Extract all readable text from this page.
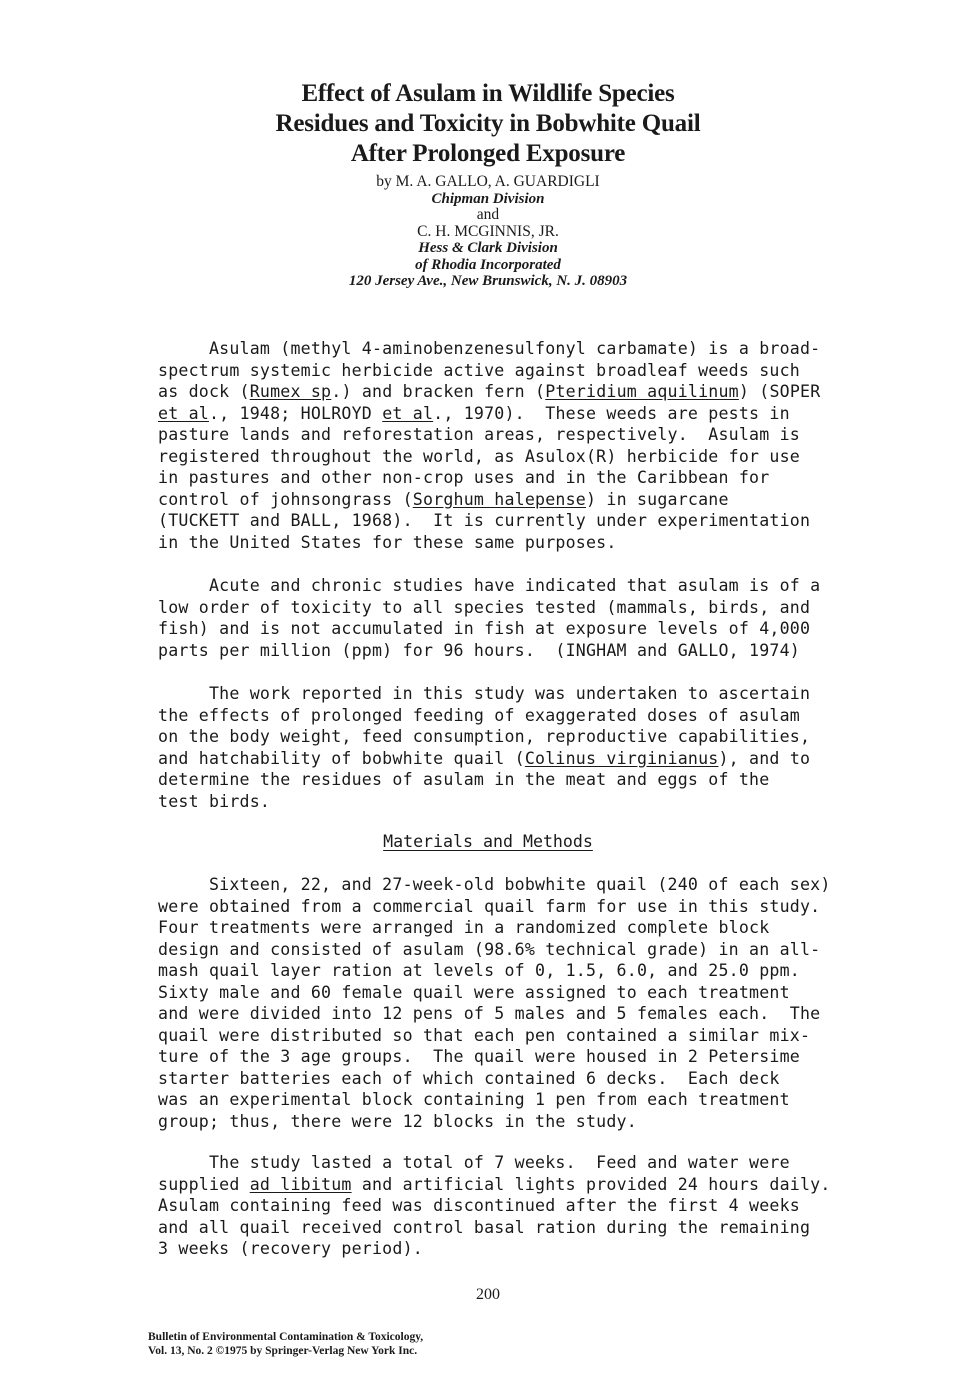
Effect of Asulam in Wildlife Species
Residues and Toxicity in Bobwhite Quail
After Prolonged Exposure
by M. A. GALLO, A. GUARDIGLI
Chipman Division
and
C. H. MCGINNIS, JR.
Hess & Clark Division
of Rhodia Incorporated
120 Jersey Ave., New Brunswick, N. J. 08903
Asulam (methyl 4-aminobenzenesulfonyl carbamate) is a broad-
spectrum systemic herbicide active against broadleaf weeds such
as dock (Rumex sp.) and bracken fern (Pteridium aquilinum) (SOPER
et al., 1948; HOLROYD et al., 1970).  These weeds are pests in
pasture lands and reforestation areas, respectively.  Asulam is
registered throughout the world, as Asulox(R) herbicide for use
in pastures and other non-crop uses and in the Caribbean for
control of johnsongrass (Sorghum halepense) in sugarcane
(TUCKETT and BALL, 1968).  It is currently under experimentation
in the United States for these same purposes.
Acute and chronic studies have indicated that asulam is of a
low order of toxicity to all species tested (mammals, birds, and
fish) and is not accumulated in fish at exposure levels of 4,000
parts per million (ppm) for 96 hours.  (INGHAM and GALLO, 1974)
The work reported in this study was undertaken to ascertain
the effects of prolonged feeding of exaggerated doses of asulam
on the body weight, feed consumption, reproductive capabilities,
and hatchability of bobwhite quail (Colinus virginianus), and to
determine the residues of asulam in the meat and eggs of the
test birds.
Materials and Methods
Sixteen, 22, and 27-week-old bobwhite quail (240 of each sex)
were obtained from a commercial quail farm for use in this study.
Four treatments were arranged in a randomized complete block
design and consisted of asulam (98.6% technical grade) in an all-
mash quail layer ration at levels of 0, 1.5, 6.0, and 25.0 ppm.
Sixty male and 60 female quail were assigned to each treatment
and were divided into 12 pens of 5 males and 5 females each.  The
quail were distributed so that each pen contained a similar mix-
ture of the 3 age groups.  The quail were housed in 2 Petersime
starter batteries each of which contained 6 decks.  Each deck
was an experimental block containing 1 pen from each treatment
group; thus, there were 12 blocks in the study.
The study lasted a total of 7 weeks.  Feed and water were
supplied ad libitum and artificial lights provided 24 hours daily.
Asulam containing feed was discontinued after the first 4 weeks
and all quail received control basal ration during the remaining
3 weeks (recovery period).
200
Bulletin of Environmental Contamination & Toxicology,
Vol. 13, No. 2 ©1975 by Springer-Verlag New York Inc.
